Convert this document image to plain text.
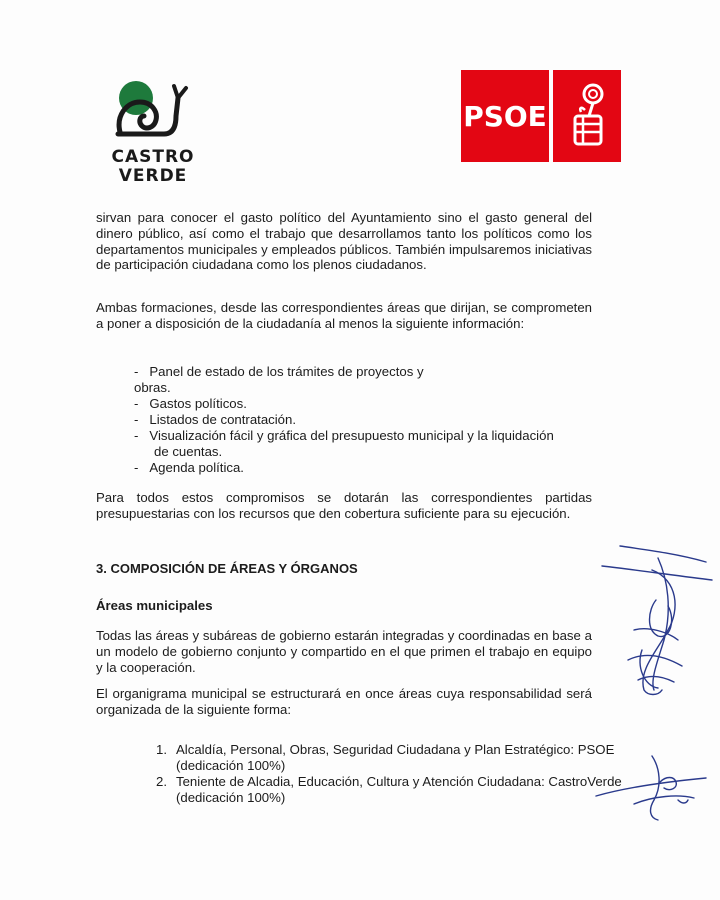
CASTRO
VERDE
PSOE
sirvan para conocer el gasto político del Ayuntamiento sino el gasto general del dinero público, así como el trabajo que desarrollamos tanto los políticos como los departamentos municipales y empleados públicos. También impulsaremos iniciativas de participación ciudadana como los plenos ciudadanos.
Ambas formaciones, desde las correspondientes áreas que dirijan, se comprometen a poner a disposición de la ciudadanía al menos la siguiente información:
-   Panel de estado de los trámites de proyectos y
obras.
-   Gastos políticos.
-   Listados de contratación.
-   Visualización fácil y gráfica del presupuesto municipal y la liquidación
de cuentas.
-   Agenda política.
Para todos estos compromisos se dotarán las correspondientes partidas presupuestarias con los recursos que den cobertura suficiente para su ejecución.
3. COMPOSICIÓN DE ÁREAS Y ÓRGANOS
Áreas municipales
Todas las áreas y subáreas de gobierno estarán integradas y coordinadas en base a un modelo de gobierno conjunto y compartido en el que primen el trabajo en equipo y la cooperación.
El organigrama municipal se estructurará en once áreas cuya responsabilidad será organizada de la siguiente forma:
1. Alcaldía, Personal, Obras, Seguridad Ciudadana y Plan Estratégico: PSOE
(dedicación 100%)
2. Teniente de Alcadia, Educación, Cultura y Atención Ciudadana: CastroVerde
(dedicación 100%)
